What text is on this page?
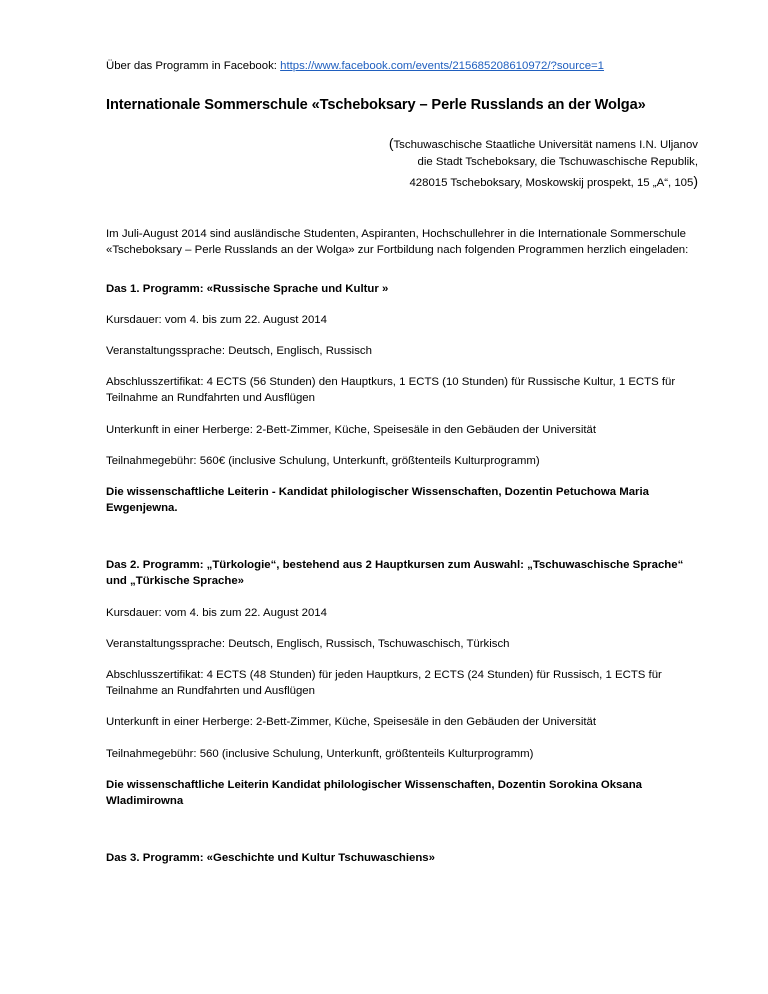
Über das Programm in Facebook: https://www.facebook.com/events/215685208610972/?source=1

Internationale Sommerschule «Tscheboksary – Perle Russlands an der Wolga»
(Tschuwaschische Staatliche Universität namens I.N. Uljanov
die Stadt Tscheboksary, die Tschuwaschische Republik,
428015 Tscheboksary, Moskowskij prospekt, 15 „A“, 105)

Im Juli-August 2014 sind ausländische Studenten, Aspiranten, Hochschullehrer in die Internationale Sommerschule «Tscheboksary – Perle Russlands an der Wolga» zur Fortbildung nach folgenden Programmen herzlich eingeladen:

Das 1. Programm: «Russische Sprache und Kultur »

Kursdauer: vom 4. bis zum 22. August 2014

Veranstaltungssprache: Deutsch, Englisch, Russisch

Abschlusszertifikat: 4 ECTS (56 Stunden) den Hauptkurs, 1 ECTS (10 Stunden) für Russische Kultur, 1 ECTS für Teilnahme an Rundfahrten und Ausflügen

Unterkunft in einer Herberge: 2-Bett-Zimmer, Küche, Speisesäle in den Gebäuden der Universität

Teilnahmegebühr: 560€ (inclusive Schulung, Unterkunft, größtenteils Kulturprogramm)

Die wissenschaftliche Leiterin - Kandidat philologischer Wissenschaften, Dozentin Petuchowa Maria Ewgenjewna.

Das 2. Programm: „Türkologie“, bestehend aus 2 Hauptkursen zum Auswahl: „Tschuwaschische Sprache“ und „Türkische Sprache»

Kursdauer: vom 4. bis zum 22. August 2014

Veranstaltungssprache: Deutsch, Englisch, Russisch, Tschuwaschisch, Türkisch

Abschlusszertifikat: 4 ECTS (48 Stunden) für jeden Hauptkurs, 2 ECTS (24 Stunden) für Russisch, 1 ECTS für Teilnahme an Rundfahrten und Ausflügen

Unterkunft in einer Herberge: 2-Bett-Zimmer, Küche, Speisesäle in den Gebäuden der Universität

Teilnahmegebühr: 560 (inclusive Schulung, Unterkunft, größtenteils Kulturprogramm)

Die wissenschaftliche Leiterin Kandidat philologischer Wissenschaften, Dozentin Sorokina Oksana Wladimirowna

Das 3. Programm: «Geschichte und Kultur Tschuwaschiens»
